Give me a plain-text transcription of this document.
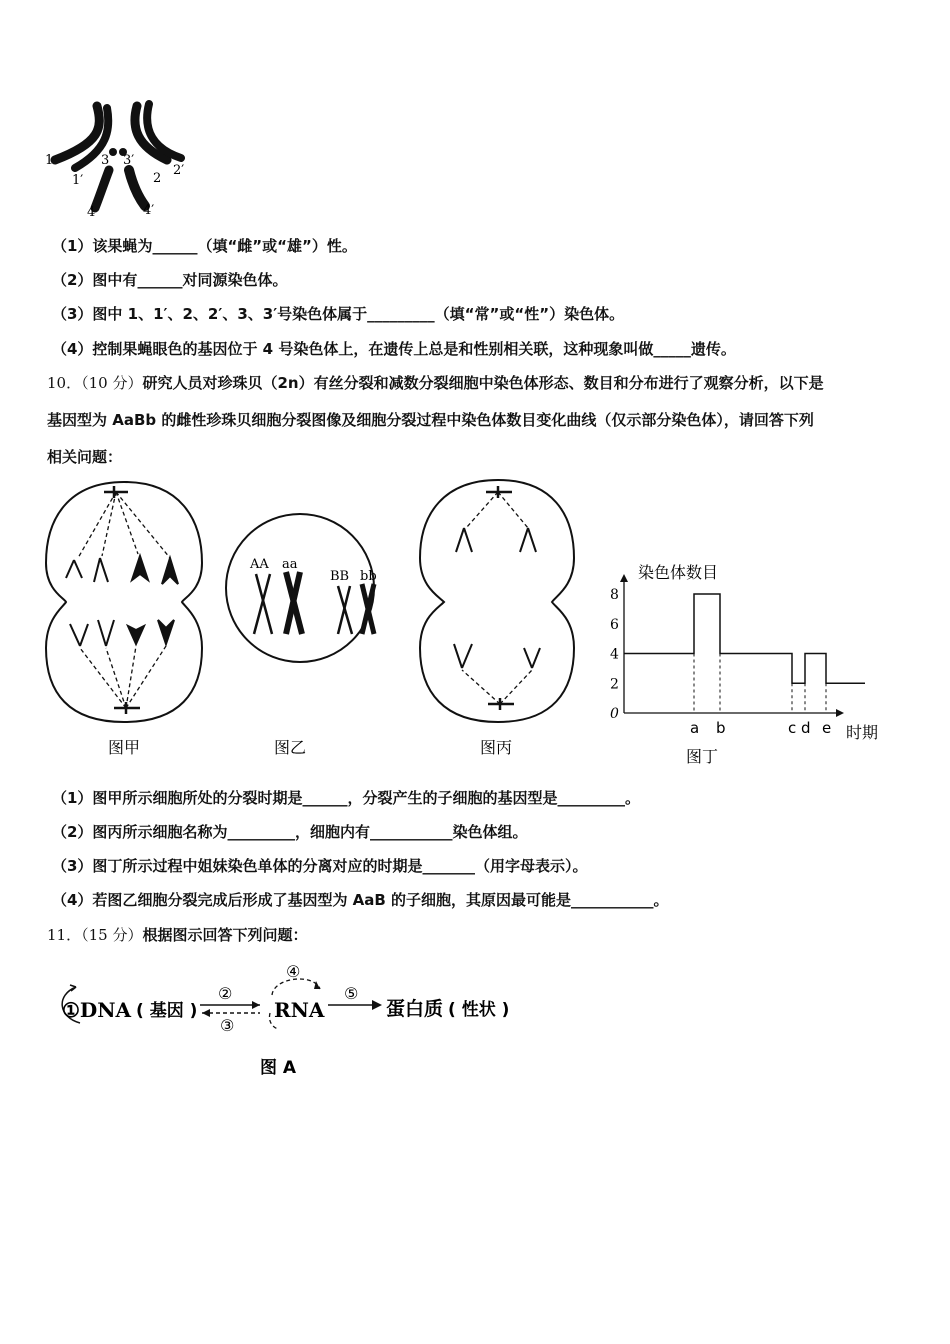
1
1′
3 3′
2
2′
4	4′
（1）该果蝇为______（填“雌”或“雄”）性。
（2）图中有______对同源染色体。
（3）图中 1、1′、2、2′、3、3′号染色体属于_________（填“常”或“性”）染色体。
（4）控制果蝇眼色的基因位于 4 号染色体上，在遗传上总是和性别相关联，这种现象叫做_____遗传。
10．（10 分）研究人员对珍珠贝（2n）有丝分裂和减数分裂细胞中染色体形态、数目和分布进行了观察分析，以下是
基因型为 AaBb 的雌性珍珠贝细胞分裂图像及细胞分裂过程中染色体数目变化曲线（仅示部分染色体），请回答下列
相关问题：
图甲
AA aa
BB bb
图乙	图丙
染色体数目
时期
图丁
0
2
4
6
8
a b	c d e
（1）图甲所示细胞所处的分裂时期是______，分裂产生的子细胞的基因型是_________。
（2）图丙所示细胞名称为_________，细胞内有___________染色体组。
（3）图丁所示过程中姐妹染色单体的分离对应的时期是_______（用字母表示）。
（4）若图乙细胞分裂完成后形成了基因型为 AaB 的子细胞，其原因最可能是___________。
11．（15 分）根据图示回答下列问题：
①DNA ( 基因 )
②
③
④
RNA
⑤
蛋白质 ( 性状 )
图 A
